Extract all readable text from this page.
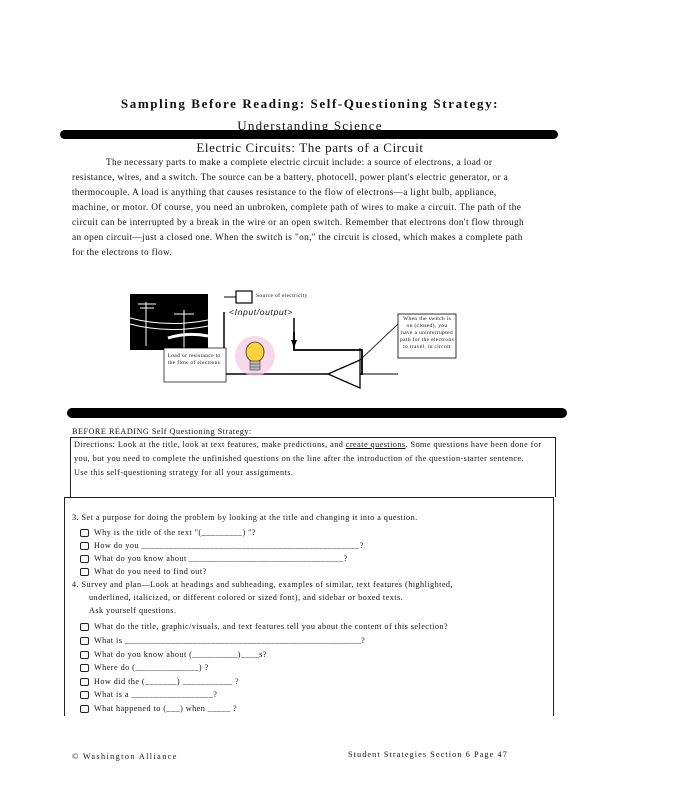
Sampling Before Reading: Self-Questioning Strategy:
Understanding Science
Electric Circuits: The parts of a Circuit

The necessary parts to make a complete electric circuit include: a source of electrons, a load or resistance, wires, and a switch. The source can be a battery, photocell, power plant's electric generator, or a thermocouple. A load is anything that causes resistance to the flow of electrons—a light bulb, appliance, machine, or motor. Of course, you need an unbroken, complete path of wires to make a circuit. The path of the circuit can be interrupted by a break in the wire or an open switch. Remember that electrons don't flow through an open circuit—just a closed one. When the switch is "on," the circuit is closed, which makes a complete path for the electrons to flow.

Source of electricity
<Input/output>
Load or resistance to the flow of electrons
When the switch is on (closed), you have a uninterrupted path for the electrons to travel, in circuit
BEFORE READING Self Questioning Strategy:
Directions: Look at the title, look at text features, make predictions, and create questions. Some questions have been done for you, but you need to complete the unfinished questions on the line after the introduction of the question-starter sentence.
Use this self-questioning strategy for all your assignments.
3. Set a purpose for doing the problem by looking at the title and changing it into a question.
Why is the title of the text "(_________) "?
How do you ________________________________________________?
What do you know about __________________________________?
What do you need to find out?
4. Survey and plan—Look at headings and subheading, examples of similar, text features (highlighted,
underlined, italicized, or different colored or sized font), and sidebar or boxed texts.
Ask yourself questions.
What do the title, graphic/visuals, and text features tell you about the content of this selection?
What is ____________________________________________________?
What do you know about (__________)____s?
Where do (______________) ?
How did the (_______) ___________ ?
What is a __________________?
What happened to (___) when _____ ?
© Washington Alliance	Student Strategies Section 6 Page 47
